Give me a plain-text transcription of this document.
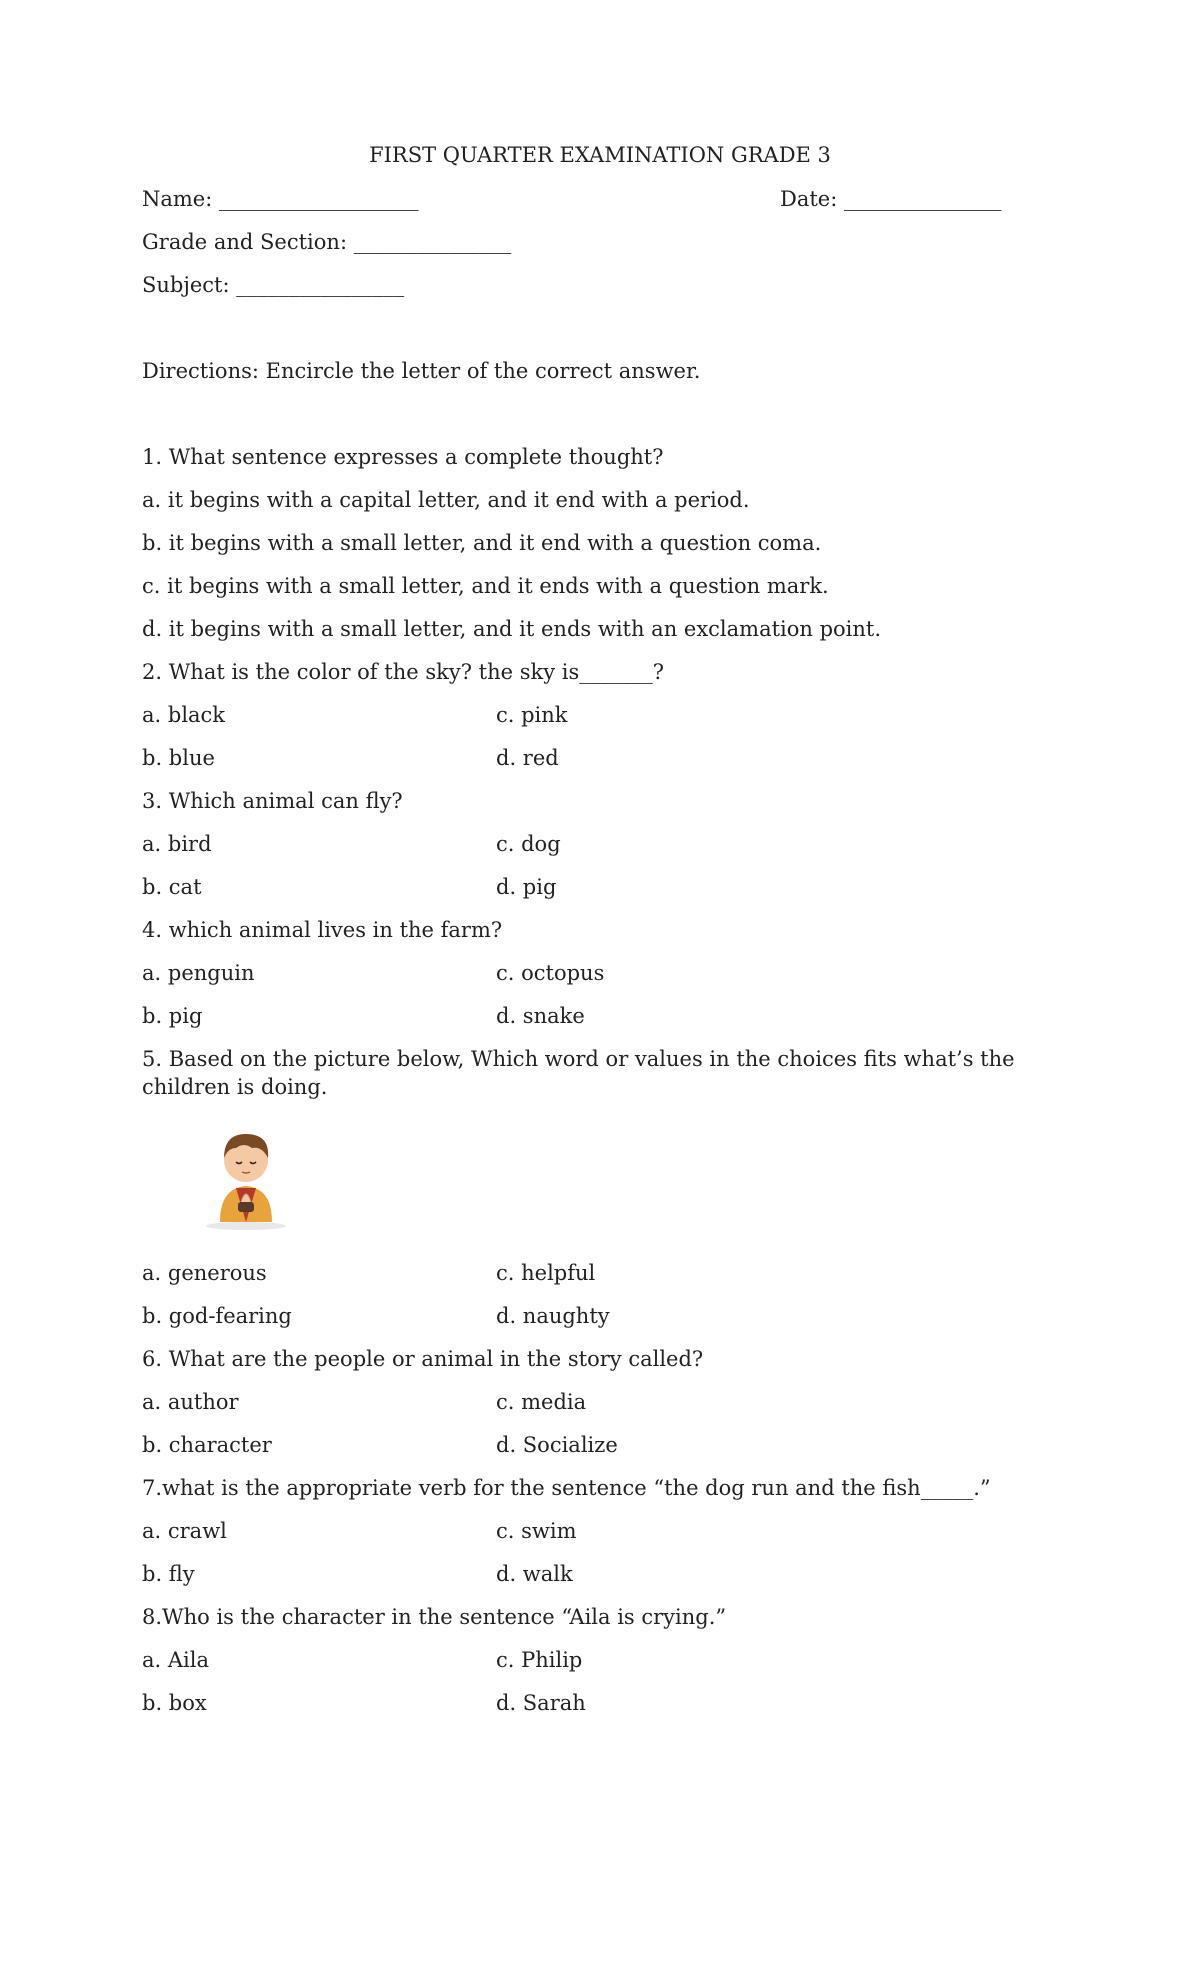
FIRST QUARTER EXAMINATION GRADE 3
Name: ___________________	Date: _______________
Grade and Section: _______________
Subject: ________________
Directions: Encircle the letter of the correct answer.
1. What sentence expresses a complete thought?
a. it begins with a capital letter, and it end with a period.
b. it begins with a small letter, and it end with a question coma.
c. it begins with a small letter, and it ends with a question mark.
d. it begins with a small letter, and it ends with an exclamation point.
2. What is the color of the sky? the sky is_______?
a. black	c. pink
b. blue	d. red
3. Which animal can fly?
a. bird	c. dog
b. cat	d. pig
4. which animal lives in the farm?
a. penguin	c. octopus
b. pig	d. snake
5. Based on the picture below, Which word or values in the choices fits what’s the children is doing.
a. generous	c. helpful
b. god-fearing	d. naughty
6. What are the people or animal in the story called?
a. author	c. media
b. character	d. Socialize
7.what is the appropriate verb for the sentence “the dog run and the fish_____.”
a. crawl	c. swim
b. fly	d. walk
8.Who is the character in the sentence “Aila is crying.”
a. Aila	c. Philip
b. box	d. Sarah
